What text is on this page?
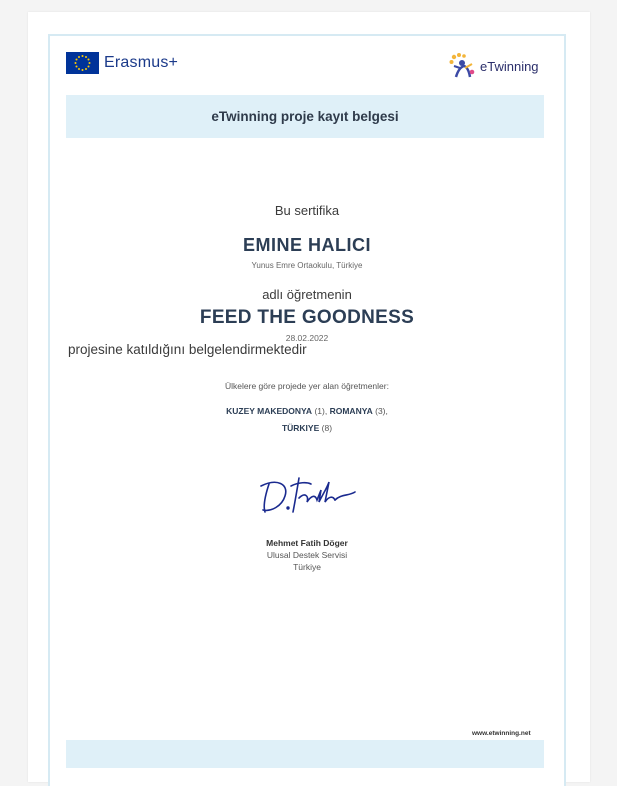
Erasmus+	eTwinning
eTwinning proje kayıt belgesi
Bu sertifika
EMINE HALICI
Yunus Emre Ortaokulu, Türkiye
adlı öğretmenin
FEED THE GOODNESS
28.02.2022
projesine katıldığını belgelendirmektedir
Ülkelere göre projede yer alan öğretmenler:
KUZEY MAKEDONYA (1), ROMANYA (3),
TÜRKIYE (8)
Mehmet Fatih Döger
Ulusal Destek Servisi
Türkiye
www.etwinning.net
